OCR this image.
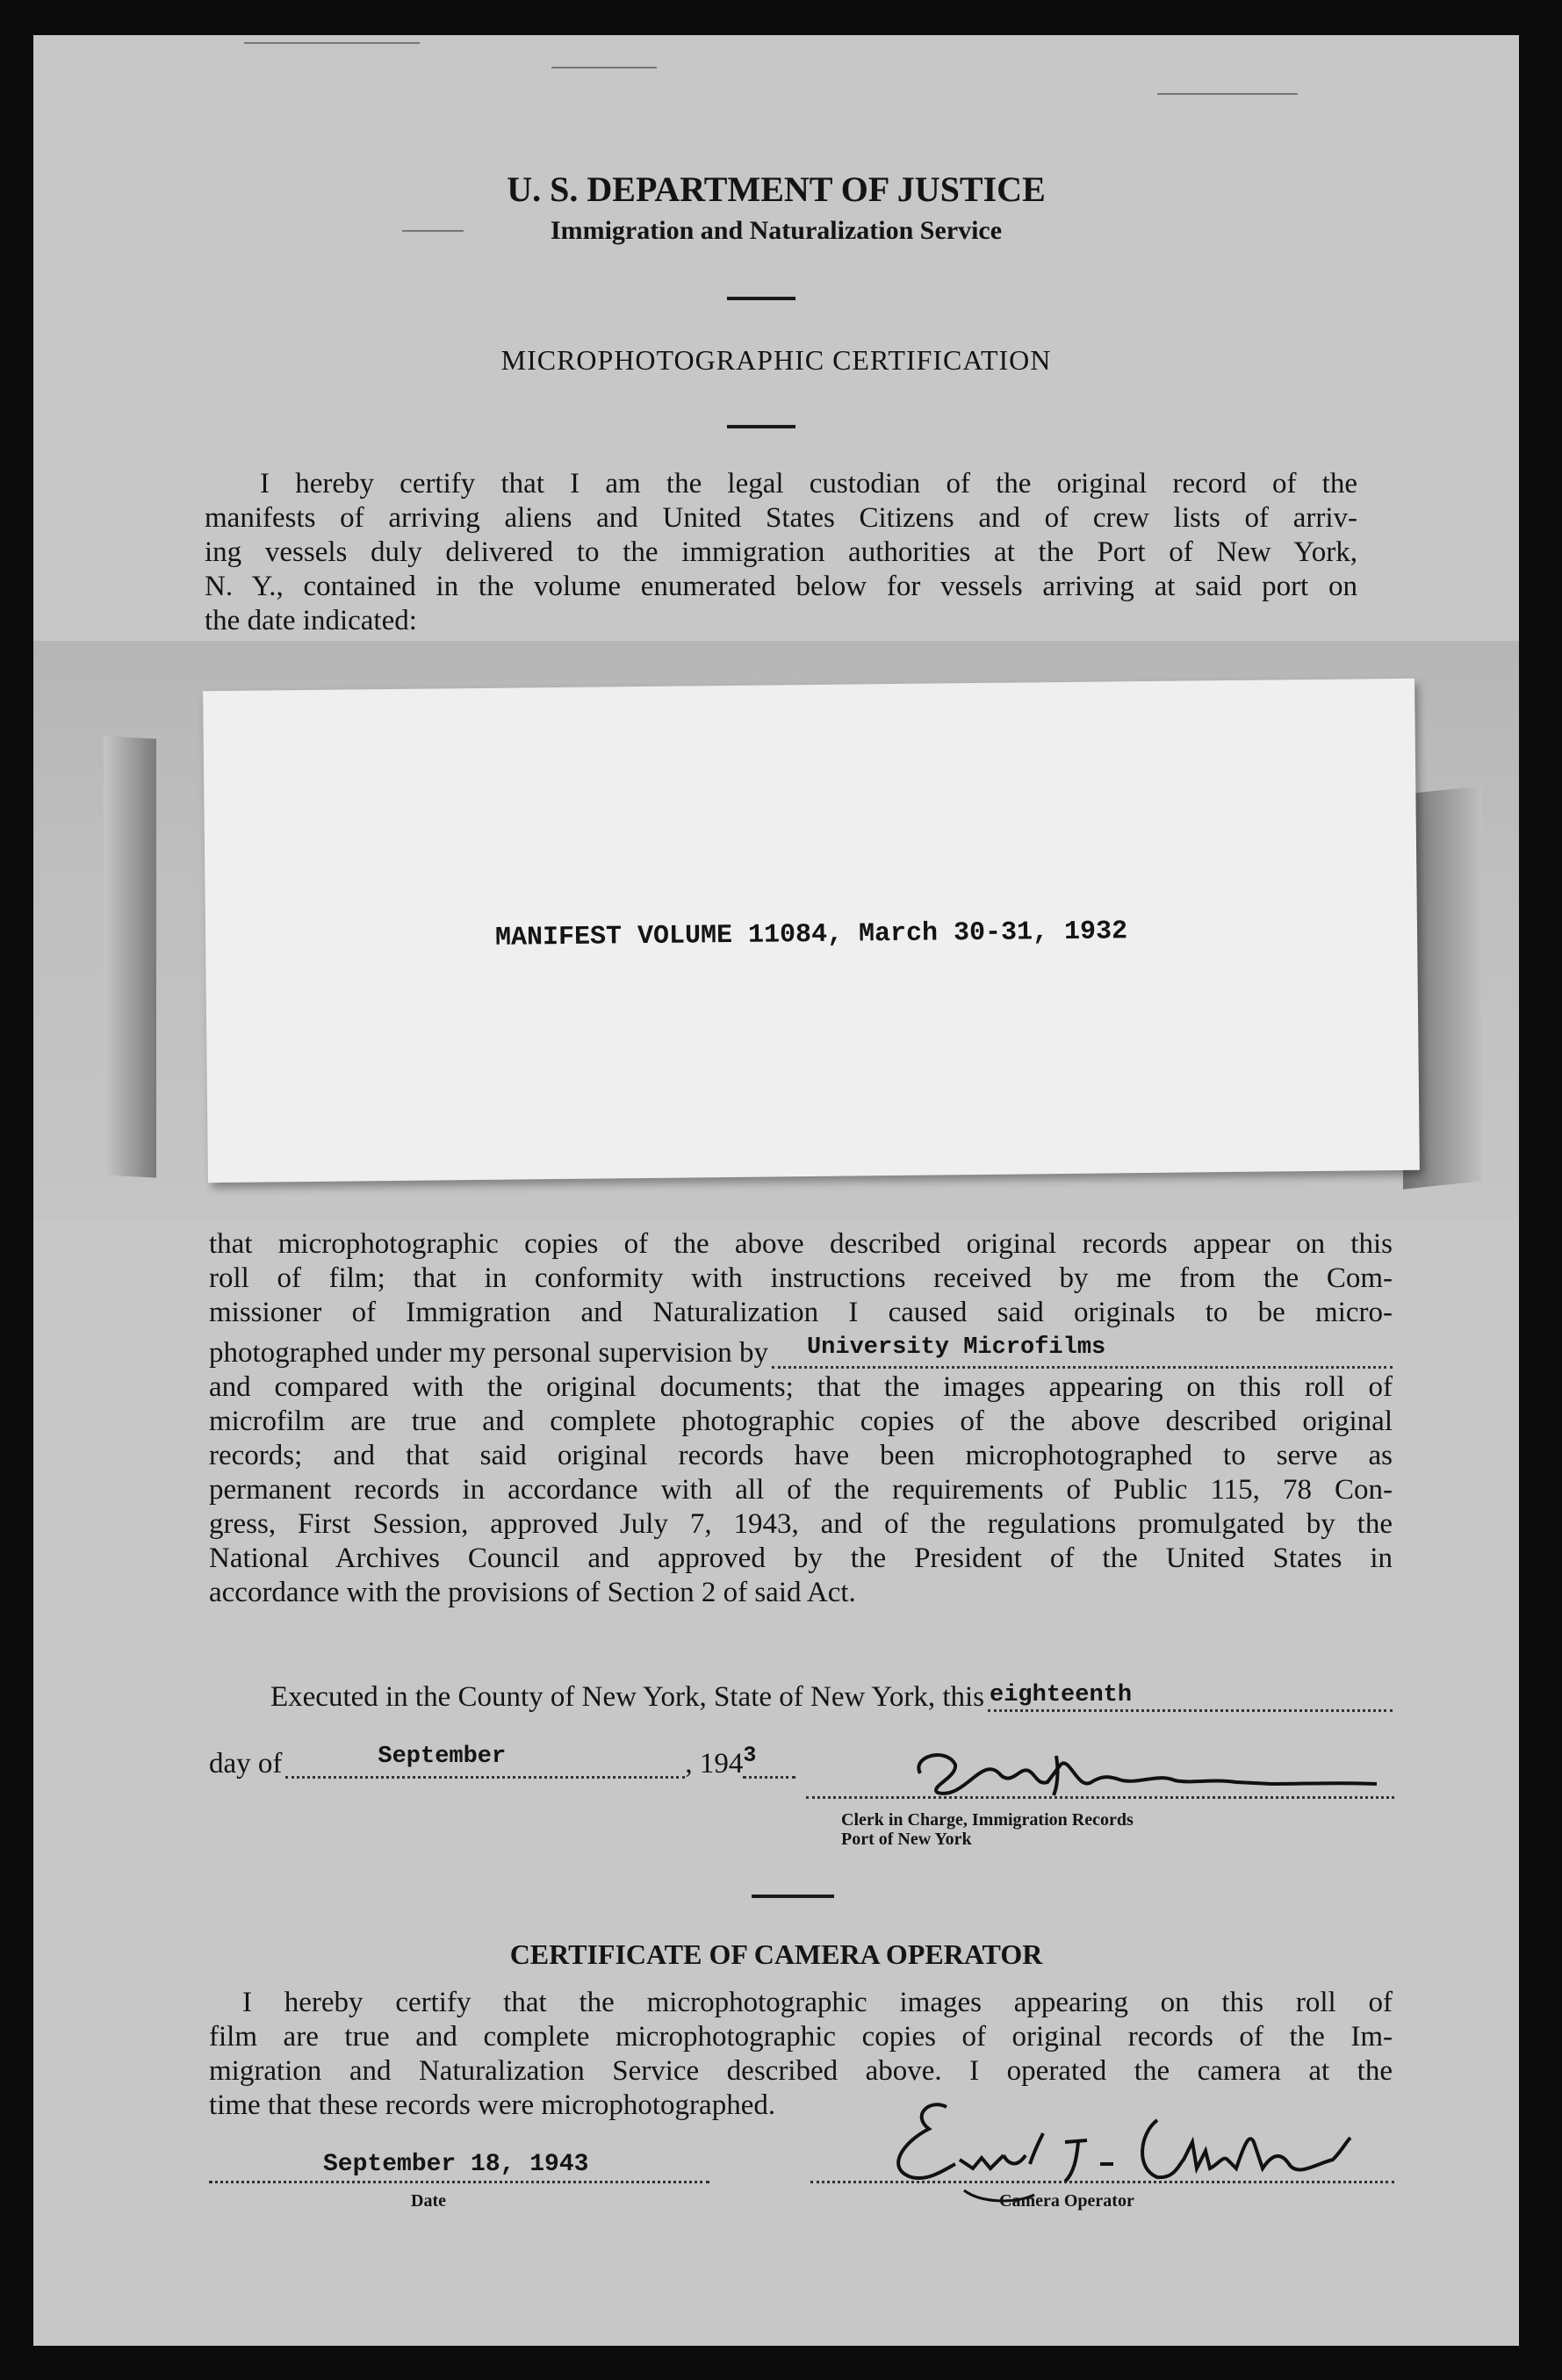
U. S. DEPARTMENT OF JUSTICE
Immigration and Naturalization Service
MICROPHOTOGRAPHIC CERTIFICATION
I hereby certify that I am the legal custodian of the original record of the
manifests of arriving aliens and United States Citizens and of crew lists of arriv-
ing vessels duly delivered to the immigration authorities at the Port of New York,
N. Y., contained in the volume enumerated below for vessels arriving at said port on
the date indicated:
MANIFEST VOLUME 11084, March 30-31, 1932
that microphotographic copies of the above described original records appear on this
roll of film; that in conformity with instructions received by me from the Com-
missioner of Immigration and Naturalization I caused said originals to be micro-
photographed under my personal supervision by University Microfilms
and compared with the original documents; that the images appearing on this roll of
microfilm are true and complete photographic copies of the above described original
records; and that said original records have been microphotographed to serve as
permanent records in accordance with all of the requirements of Public 115, 78 Con-
gress, First Session, approved July 7, 1943, and of the regulations promulgated by the
National Archives Council and approved by the President of the United States in
accordance with the provisions of Section 2 of said Act.
Executed in the County of New York, State of New York, this eighteenth
day of	September	, 194 3
Clerk in Charge, Immigration Records
Port of New York
CERTIFICATE OF CAMERA OPERATOR
I hereby certify that the microphotographic images appearing on this roll of
film are true and complete microphotographic copies of original records of the Im-
migration and Naturalization Service described above. I operated the camera at the
time that these records were microphotographed.
September 18, 1943
Date	Camera Operator
